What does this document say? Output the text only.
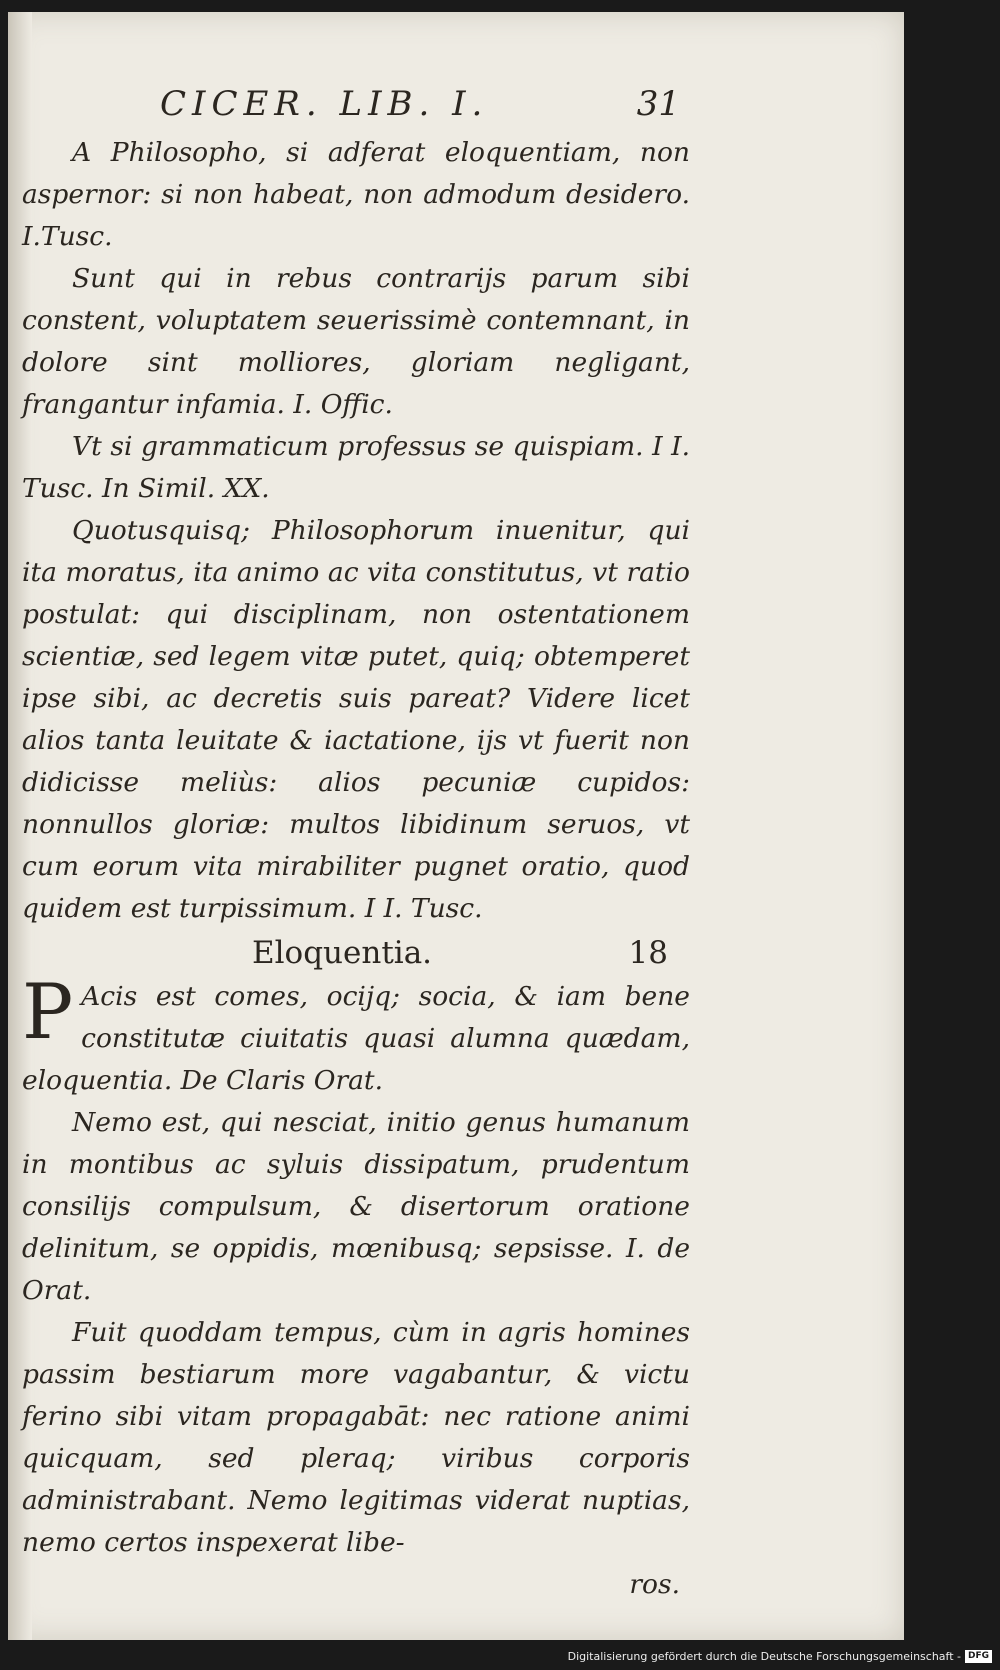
CICER. LIB. I.	31

A Philosopho, si adferat eloquentiam, non aspernor: si non habeat, non admodum desidero. I.Tusc.

Sunt qui in rebus contrarijs parum sibi constent, voluptatem seuerissimè contemnant, in dolore sint molliores, gloriam negligant, frangantur infamia. I. Offic.

Vt si grammaticum professus se quispiam. I I. Tusc. In Simil. XX.

Quotusquisq; Philosophorum inuenitur, qui ita moratus, ita animo ac vita constitutus, vt ratio postulat: qui disciplinam, non ostentationem scientiæ, sed legem vitæ putet, quiq; obtemperet ipse sibi, ac decretis suis pareat? Videre licet alios tanta leuitate & iactatione, ijs vt fuerit non didicisse meliùs: alios pecuniæ cupidos: nonnullos gloriæ: multos libidinum seruos, vt cum eorum vita mirabiliter pugnet oratio, quod quidem est turpissimum. I I. Tusc.

Eloquentia.	18

P Acis est comes, ocijq; socia, & iam bene constitutæ ciuitatis quasi alumna quædam, eloquentia. De Claris Orat.

Nemo est, qui nesciat, initio genus humanum in montibus ac syluis dissipatum, prudentum consilijs compulsum, & disertorum oratione delinitum, se oppidis, mœnibusq; sepsisse. I. de Orat.

Fuit quoddam tempus, cùm in agris homines passim bestiarum more vagabantur, & victu ferino sibi vitam propagabāt: nec ratione animi quicquam, sed pleraq; viribus corporis administrabant. Nemo legitimas viderat nuptias, nemo certos inspexerat libe-

ros.

Digitalisierung gefördert durch die Deutsche Forschungsgemeinschaft - DFG
